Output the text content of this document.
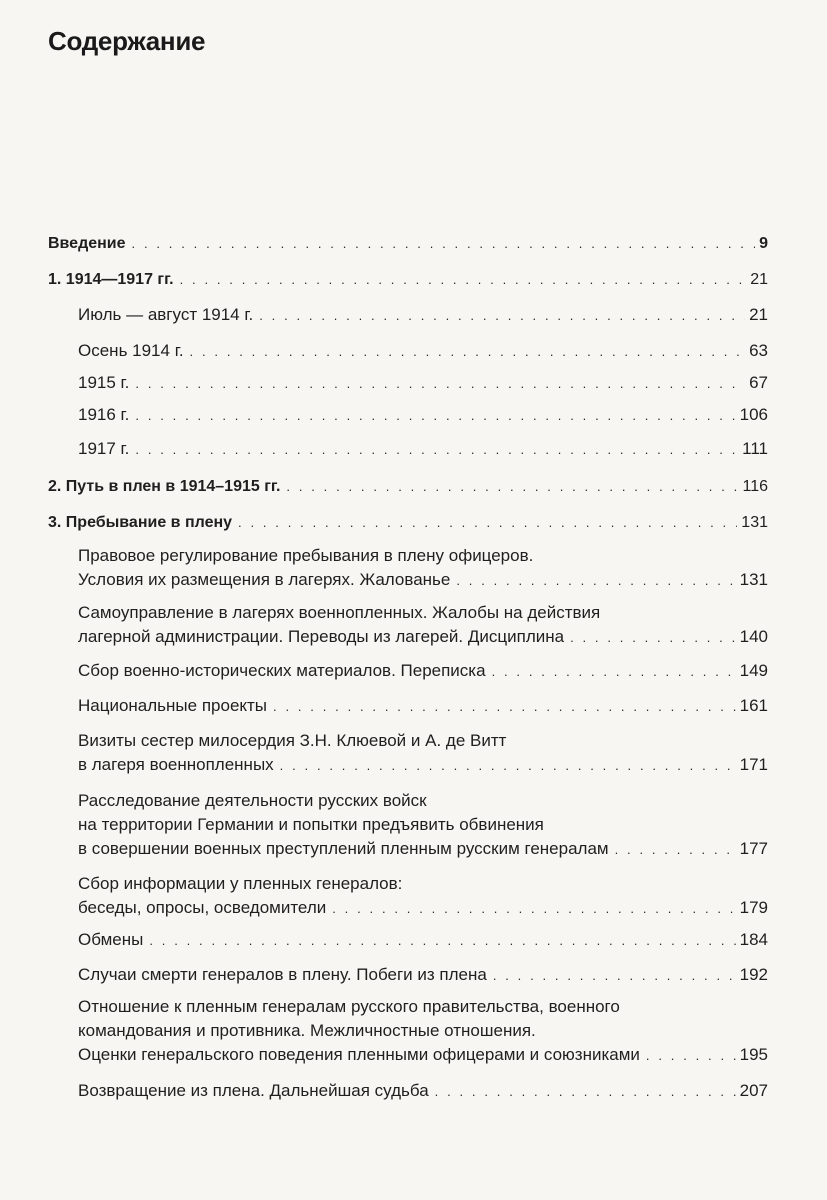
Содержание
Введение . . .	9
1. 1914—1917 гг. . . .	21
Июль — август 1914 г. . . .	21
Осень 1914 г. . . .	63
1915 г. . . .	67
1916 г. . . .	106
1917 г. . . .	111
2. Путь в плен в 1914–1915 гг. . . .	116
3. Пребывание в плену . . .	131
Правовое регулирование пребывания в плену офицеров.
Условия их размещения в лагерях. Жалованье . . .	131
Самоуправление в лагерях военнопленных. Жалобы на действия
лагерной администрации. Переводы из лагерей. Дисциплина . . .	140
Сбор военно-исторических материалов. Переписка . . .	149
Национальные проекты . . .	161
Визиты сестер милосердия З.Н. Клюевой и А. де Витт
в лагеря военнопленных . . .	171
Расследование деятельности русских войск
на территории Германии и попытки предъявить обвинения
в совершении военных преступлений пленным русским генералам . . .	177
Сбор информации у пленных генералов:
беседы, опросы, осведомители . . .	179
Обмены . . .	184
Случаи смерти генералов в плену. Побеги из плена . . .	192
Отношение к пленным генералам русского правительства, военного
командования и противника. Межличностные отношения.
Оценки генеральского поведения пленными офицерами и союзниками . . .	195
Возвращение из плена. Дальнейшая судьба . . .	207
